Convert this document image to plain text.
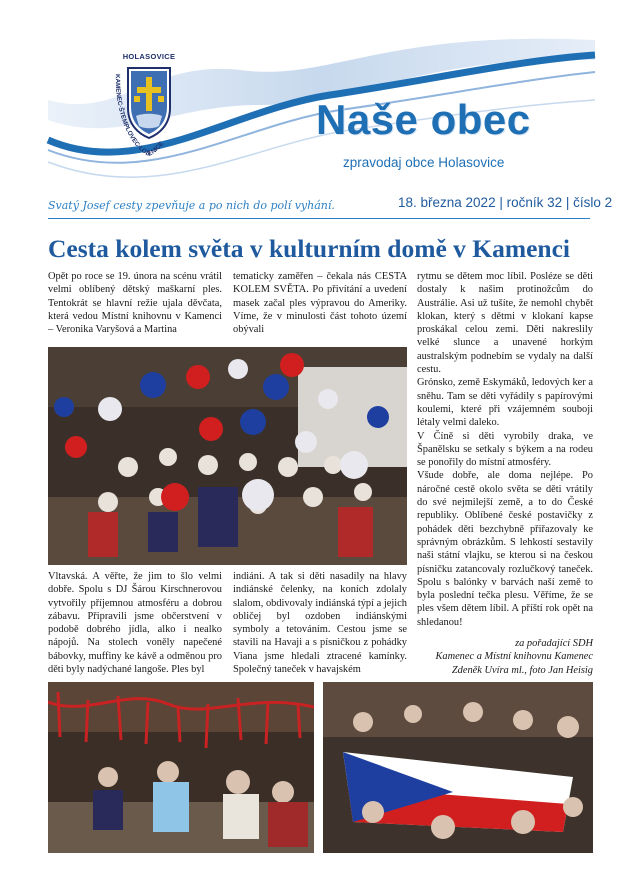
HOLASOVICE
KAMENEC·ŠTEMPLOVEC·LODĚNICE
Naše obec
zpravodaj obce Holasovice
Svatý Josef cesty zpevňuje a po nich do polí vyhání.	18. března 2022 | ročník 32 | číslo 2
Cesta kolem světa v kulturním domě v Kamenci

Opět po roce se 19. února na scénu vrátil velmi oblíbený dětský maškarní ples. Tentokrát se hlavní režie ujala děvčata, která vedou Místní knihovnu v Kamenci – Veronika Varyšová a Martina

tematicky zaměřen – čekala nás CESTA KOLEM SVĚTA. Po přivítání a uvedení masek začal ples výpravou do Ameriky. Víme, že v minulosti část tohoto území obývali

rytmu se dětem moc líbil. Posléze se děti dostaly k našim protinožcům do Austrálie. Asi už tušíte, že nemohl chybět klokan, který s dětmi v klokaní kapse proskákal celou zemi. Děti nakreslily velké slunce a unavené horkým australským podnebím se vydaly na další cestu.

Grónsko, země Eskymáků, ledových ker a sněhu. Tam se děti vyřádily s papírovými koulemi, které při vzájemném souboji létaly velmi daleko.

V Číně si děti vyrobily draka, ve Španělsku se setkaly s býkem a na rodeu se ponořily do místní atmosféry.

Všude dobře, ale doma nejlépe. Po náročné cestě okolo světa se děti vrátily do své nejmilejší země, a to do České republiky. Oblíbené české postavičky z pohádek děti bezchybně přiřazovaly ke správným obrázkům. S lehkostí sestavily naši státní vlajku, se kterou si na českou písničku zatancovaly rozlučkový taneček. Spolu s balónky v barvách naší země to byla poslední tečka plesu. Věříme, že se ples všem dětem líbil. A příští rok opět na shledanou!

Vltavská. A věřte, že jim to šlo velmi dobře. Spolu s DJ Šárou Kirschnerovou vytvořily příjemnou atmosféru a dobrou zábavu. Připravili jsme občerstvení v podobě dobrého jídla, alko i nealko nápojů. Na stolech voněly napečené bábovky, muffiny ke kávě a odměnou pro děti byly nadýchané langoše. Ples byl

indiáni. A tak si děti nasadily na hlavy indiánské čelenky, na koních zdolaly slalom, obdivovaly indiánská týpí a jejich obličej byl ozdoben indiánskými symboly a tetováním. Cestou jsme se stavili na Havaji a s písničkou z pohádky Viana jsme hledali ztracené kamínky. Společný taneček v havajském

za pořadající SDH
Kamenec a Místní knihovnu Kamenec
Zdeněk Uvíra ml., foto Jan Heisig
